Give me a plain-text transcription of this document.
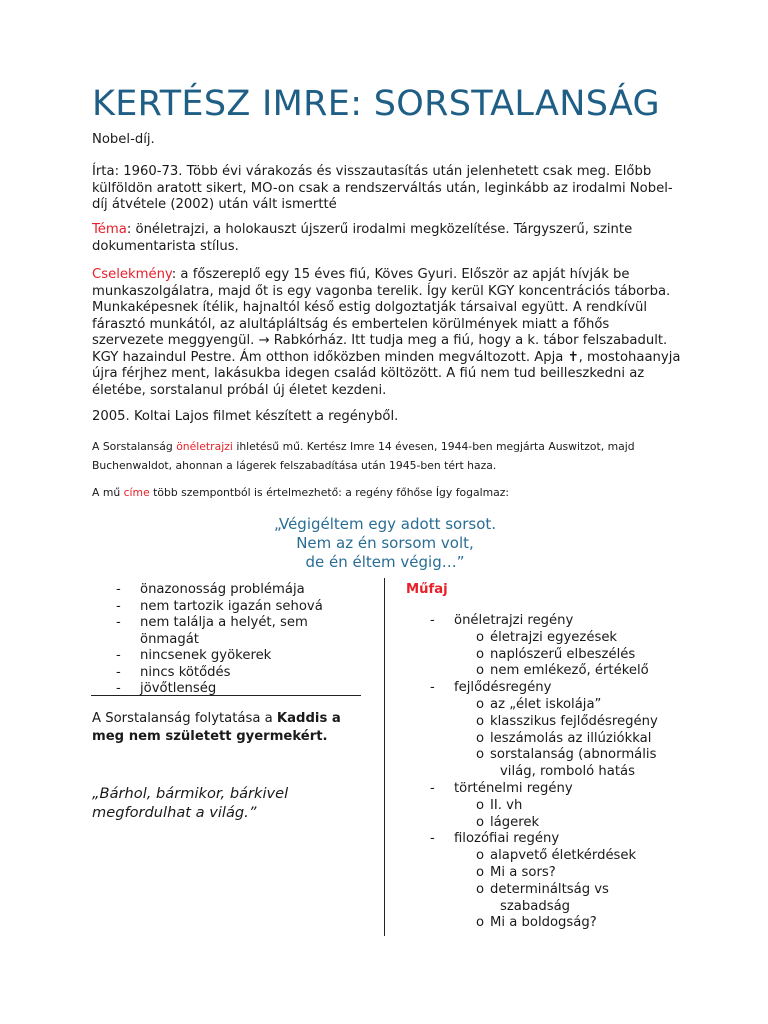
KERTÉSZ IMRE: SORSTALANSÁG
Nobel-díj.
Írta: 1960-73. Több évi várakozás és visszautasítás után jelenhetett csak meg. Előbb külföldön aratott sikert, MO-on csak a rendszerváltás után, leginkább az irodalmi Nobel-díj átvétele (2002) után vált ismertté
Téma: önéletrajzi, a holokauszt újszerű irodalmi megközelítése. Tárgyszerű, szinte dokumentarista stílus.
Cselekmény: a főszereplő egy 15 éves fiú, Köves Gyuri. Először az apját hívják be munkaszolgálatra, majd őt is egy vagonba terelik. Így kerül KGY koncentrációs táborba. Munkaképesnek ítélik, hajnaltól késő estig dolgoztatják társaival együtt. A rendkívül fárasztó munkától, az alultápláltság és embertelen körülmények miatt a főhős szervezete meggyengül. → Rabkórház. Itt tudja meg a fiú, hogy a k. tábor felszabadult. KGY hazaindul Pestre. Ám otthon időközben minden megváltozott. Apja ✝, mostohaanyja újra férjhez ment, lakásukba idegen család költözött. A fiú nem tud beilleszkedni az életébe, sorstalanul próbál új életet kezdeni.
2005. Koltai Lajos filmet készített a regényből.
A Sorstalanság önéletrajzi ihletésű mű. Kertész Imre 14 évesen, 1944-ben megjárta Auswitzot, majd Buchenwaldot, ahonnan a lágerek felszabadítása után 1945-ben tért haza.
A mű címe több szempontból is értelmezhető: a regény főhőse Így fogalmaz:
„Végigéltem egy adott sorsot.
Nem az én sorsom volt,
de én éltem végig…”
- önazonosság problémája
- nem tartozik igazán sehová
- nem találja a helyét, sem önmagát
- nincsenek gyökerek
- nincs kötődés
- jövőtlenség
A Sorstalanság folytatása a Kaddis a meg nem született gyermekért.
„Bárhol, bármikor, bárkivel megfordulhat a világ.”
Műfaj
- önéletrajzi regény
o életrajzi egyezések
o naplószerű elbeszélés
o nem emlékező, értékelő
- fejlődésregény
o az „élet iskolája”
o klasszikus fejlődésregény
o leszámolás az illúziókkal
o sorstalanság (abnormális
világ, romboló hatás
- történelmi regény
o II. vh
o lágerek
- filozófiai regény
o alapvető életkérdések
o Mi a sors?
o determináltság vs
szabadság
o Mi a boldogság?
